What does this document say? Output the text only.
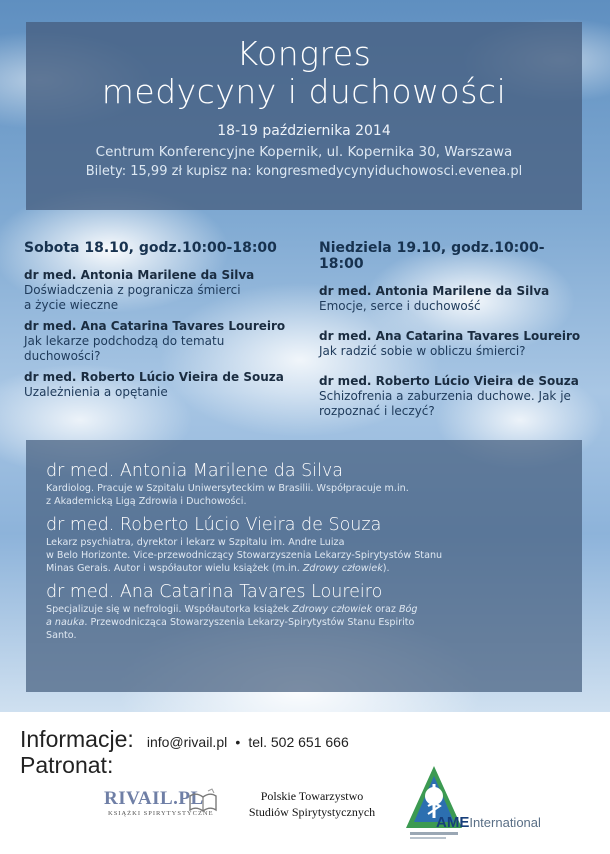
Kongres
medycyny i duchowości
18-19 października 2014
Centrum Konferencyjne Kopernik, ul. Kopernika 30, Warszawa
Bilety: 15,99 zł kupisz na: kongresmedycynyiduchowosci.evenea.pl
Sobota 18.10, godz.10:00-18:00
dr med. Antonia Marilene da Silva
Doświadczenia z pogranicza śmierci
a życie wieczne
dr med. Ana Catarina Tavares Loureiro
Jak lekarze podchodzą do tematu
duchowości?
dr med. Roberto Lúcio Vieira de Souza
Uzależnienia a opętanie
Niedziela 19.10, godz.10:00-18:00
dr med. Antonia Marilene da Silva
Emocje, serce i duchowość
dr med. Ana Catarina Tavares Loureiro
Jak radzić sobie w obliczu śmierci?
dr med. Roberto Lúcio Vieira de Souza
Schizofrenia a zaburzenia duchowe. Jak je
rozpoznać i leczyć?
dr med. Antonia Marilene da Silva
Kardiolog. Pracuje w Szpitalu Uniwersyteckim w Brasilii. Współpracuje m.in.
z Akademicką Ligą Zdrowia i Duchowości.
dr med. Roberto Lúcio Vieira de Souza
Lekarz psychiatra, dyrektor i lekarz w Szpitalu im. Andre Luiza
w Belo Horizonte. Vice-przewodniczący Stowarzyszenia Lekarzy-Spirytystów Stanu
Minas Gerais. Autor i współautor wielu książek (m.in. Zdrowy człowiek).
dr med. Ana Catarina Tavares Loureiro
Specjalizuje się w nefrologii. Współautorka książek Zdrowy człowiek oraz Bóg
a nauka. Przewodnicząca Stowarzyszenia Lekarzy-Spirytystów Stanu Espirito
Santo.
Informacje: info@rivail.pl • tel. 502 651 666
Patronat:
RIVAIL.PL
KSIĄŻKI SPIRYTYSTYCZNE
Polskie Towarzystwo
Studiów Spirytystycznych
AMEInternational
